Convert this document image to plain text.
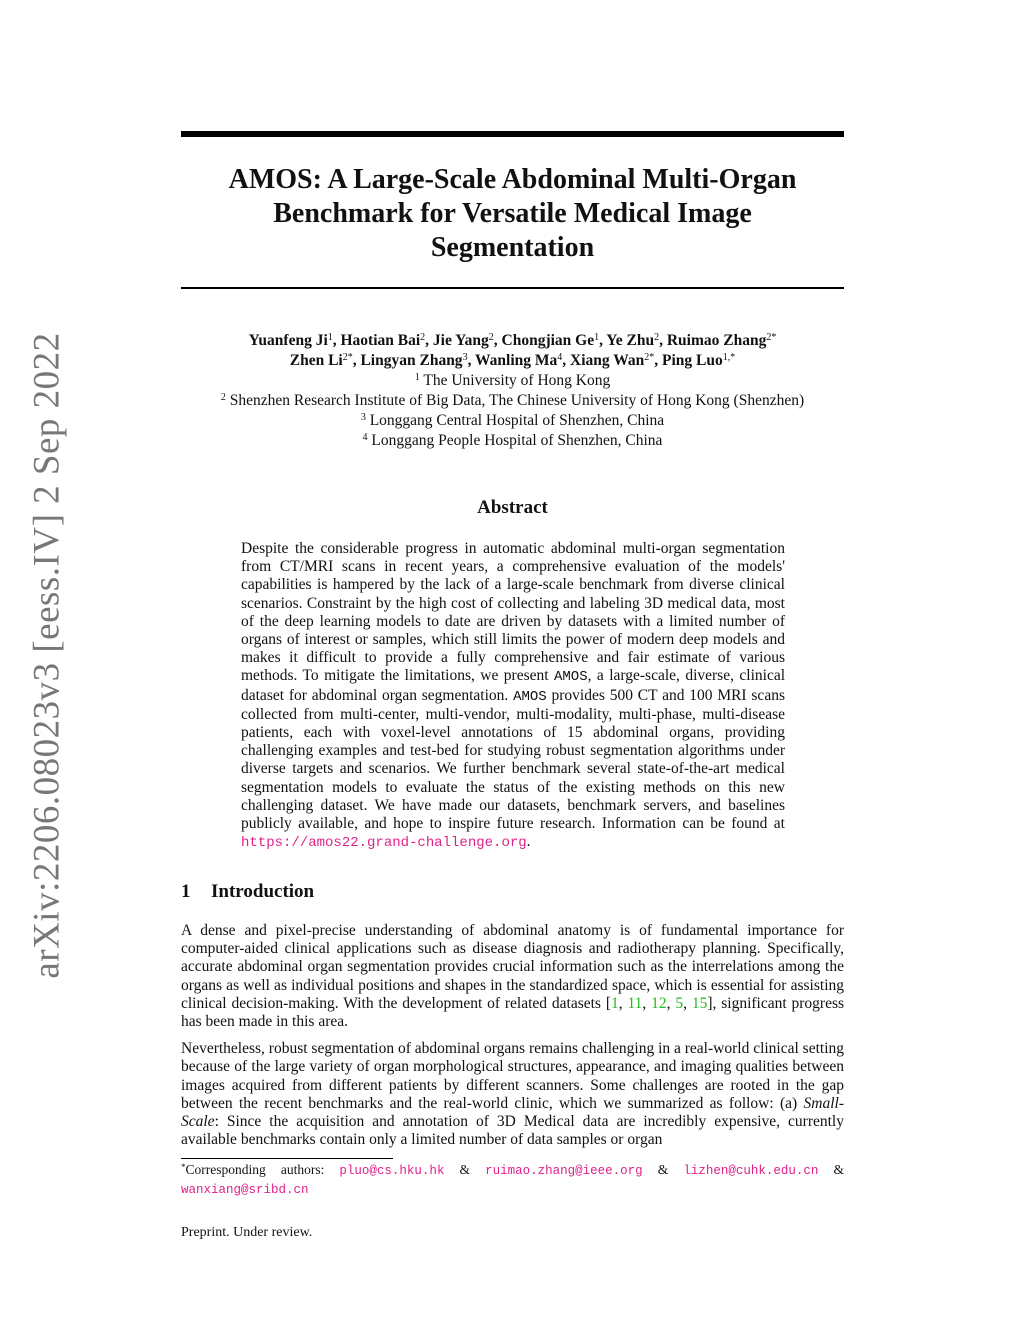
arXiv:2206.08023v3 [eess.IV] 2 Sep 2022
AMOS: A Large-Scale Abdominal Multi-Organ
Benchmark for Versatile Medical Image
Segmentation
Yuanfeng Ji$^1$, Haotian Bai$^2$, Jie Yang$^2$, Chongjian Ge$^1$, Ye Zhu$^2$, Ruimao Zhang$^{2*}$
Zhen $Li^{2*}$, Lingyan Zhang$^3$, Wanling Ma$^4$, Xiang Wan$^{2*}$, Ping Luo$^{1,*}$
$^1$ The University of Hong Kong
$^2$ Shenzhen Research Institute of Big Data, The Chinese University of Hong Kong (Shenzhen)
$^3$ Longgang Central Hospital of Shenzhen, China
$^4$ Longgang People Hospital of Shenzhen, China
Abstract
Despite the considerable progress in automatic abdominal multi-organ segmentation from CT/MRI scans in recent years, a comprehensive evaluation of the models' capabilities is hampered by the lack of a large-scale benchmark from diverse clinical scenarios. Constraint by the high cost of collecting and labeling 3D medical data, most of the deep learning models to date are driven by datasets with a limited number of organs of interest or samples, which still limits the power of modern deep models and makes it difficult to provide a fully comprehensive and fair estimate of various methods. To mitigate the limitations, we present AMOS, a large-scale, diverse, clinical dataset for abdominal organ segmentation. AMOS provides 500 CT and 100 MRI scans collected from multi-center, multi-vendor, multi-modality, multi-phase, multi-disease patients, each with voxel-level annotations of 15 abdominal organs, providing challenging examples and test-bed for studying robust segmentation algorithms under diverse targets and scenarios. We further benchmark several state-of-the-art medical segmentation models to evaluate the status of the existing methods on this new challenging dataset. We have made our datasets, benchmark servers, and baselines publicly available, and hope to inspire future research. Information can be found at https://amos22.grand-challenge.org.
1 Introduction

A dense and pixel-precise understanding of abdominal anatomy is of fundamental importance for computer-aided clinical applications such as disease diagnosis and radiotherapy planning. Specifically, accurate abdominal organ segmentation provides crucial information such as the interrelations among the organs as well as individual positions and shapes in the standardized space, which is essential for assisting clinical decision-making. With the development of related datasets [1, 11, 12, 5, 15], significant progress has been made in this area.

Nevertheless, robust segmentation of abdominal organs remains challenging in a real-world clinical setting because of the large variety of organ morphological structures, appearance, and imaging qualities between images acquired from different patients by different scanners. Some challenges are rooted in the gap between the recent benchmarks and the real-world clinic, which we summarized as follow: (a) Small-Scale: Since the acquisition and annotation of 3D Medical data are incredibly expensive, currently available benchmarks contain only a limited number of data samples or organ

*Corresponding authors: pluo@cs.hku.hk & ruimao.zhang@ieee.org & lizhen@cuhk.edu.cn & wanxiang@sribd.cn
Preprint. Under review.
